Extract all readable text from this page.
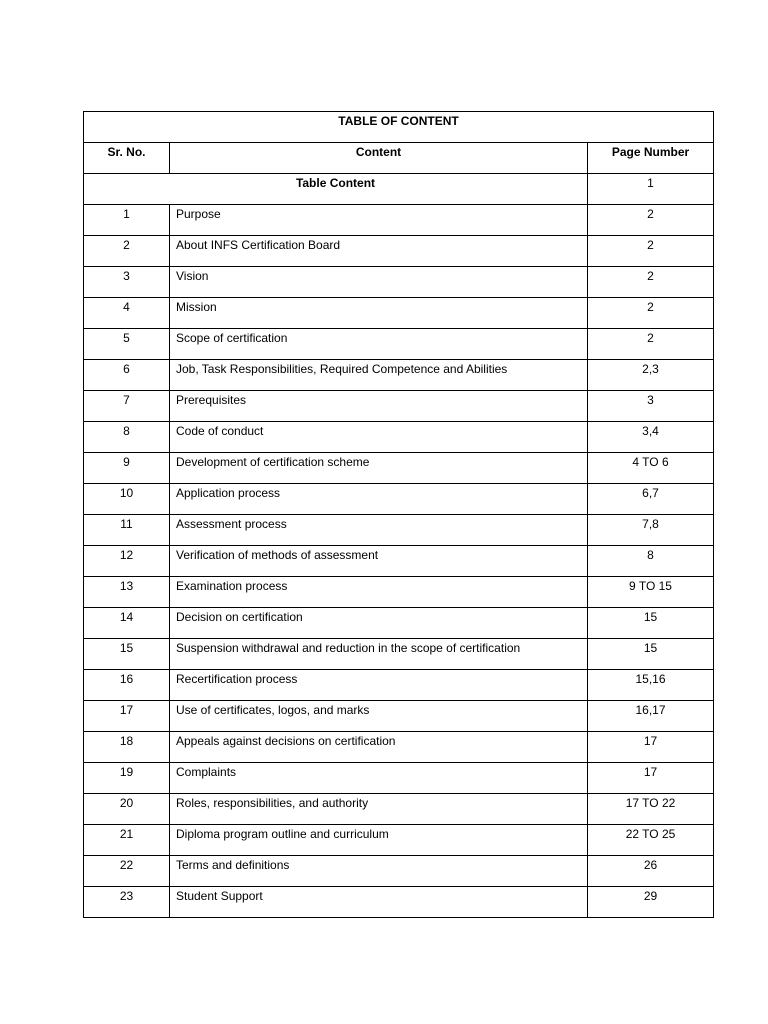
TABLE OF CONTENT		

Sr. No.	Content	Page Number

Table Content		1

1	Purpose	2

2	About INFS Certification Board	2

3	Vision	2

4	Mission	2

5	Scope of certification	2

6	Job, Task Responsibilities, Required Competence and Abilities	2,3

7	Prerequisites	3

8	Code of conduct	3,4

9	Development of certification scheme	4 TO 6

10	Application process	6,7

11	Assessment process	7,8

12	Verification of methods of assessment	8

13	Examination process	9 TO 15

14	Decision on certification	15

15	Suspension withdrawal and reduction in the scope of certification	15

16	Recertification process	15,16

17	Use of certificates, logos, and marks	16,17

18	Appeals against decisions on certification	17

19	Complaints	17

20	Roles, responsibilities, and authority	17 TO 22

21	Diploma program outline and curriculum	22 TO 25

22	Terms and definitions	26

23	Student Support	29
